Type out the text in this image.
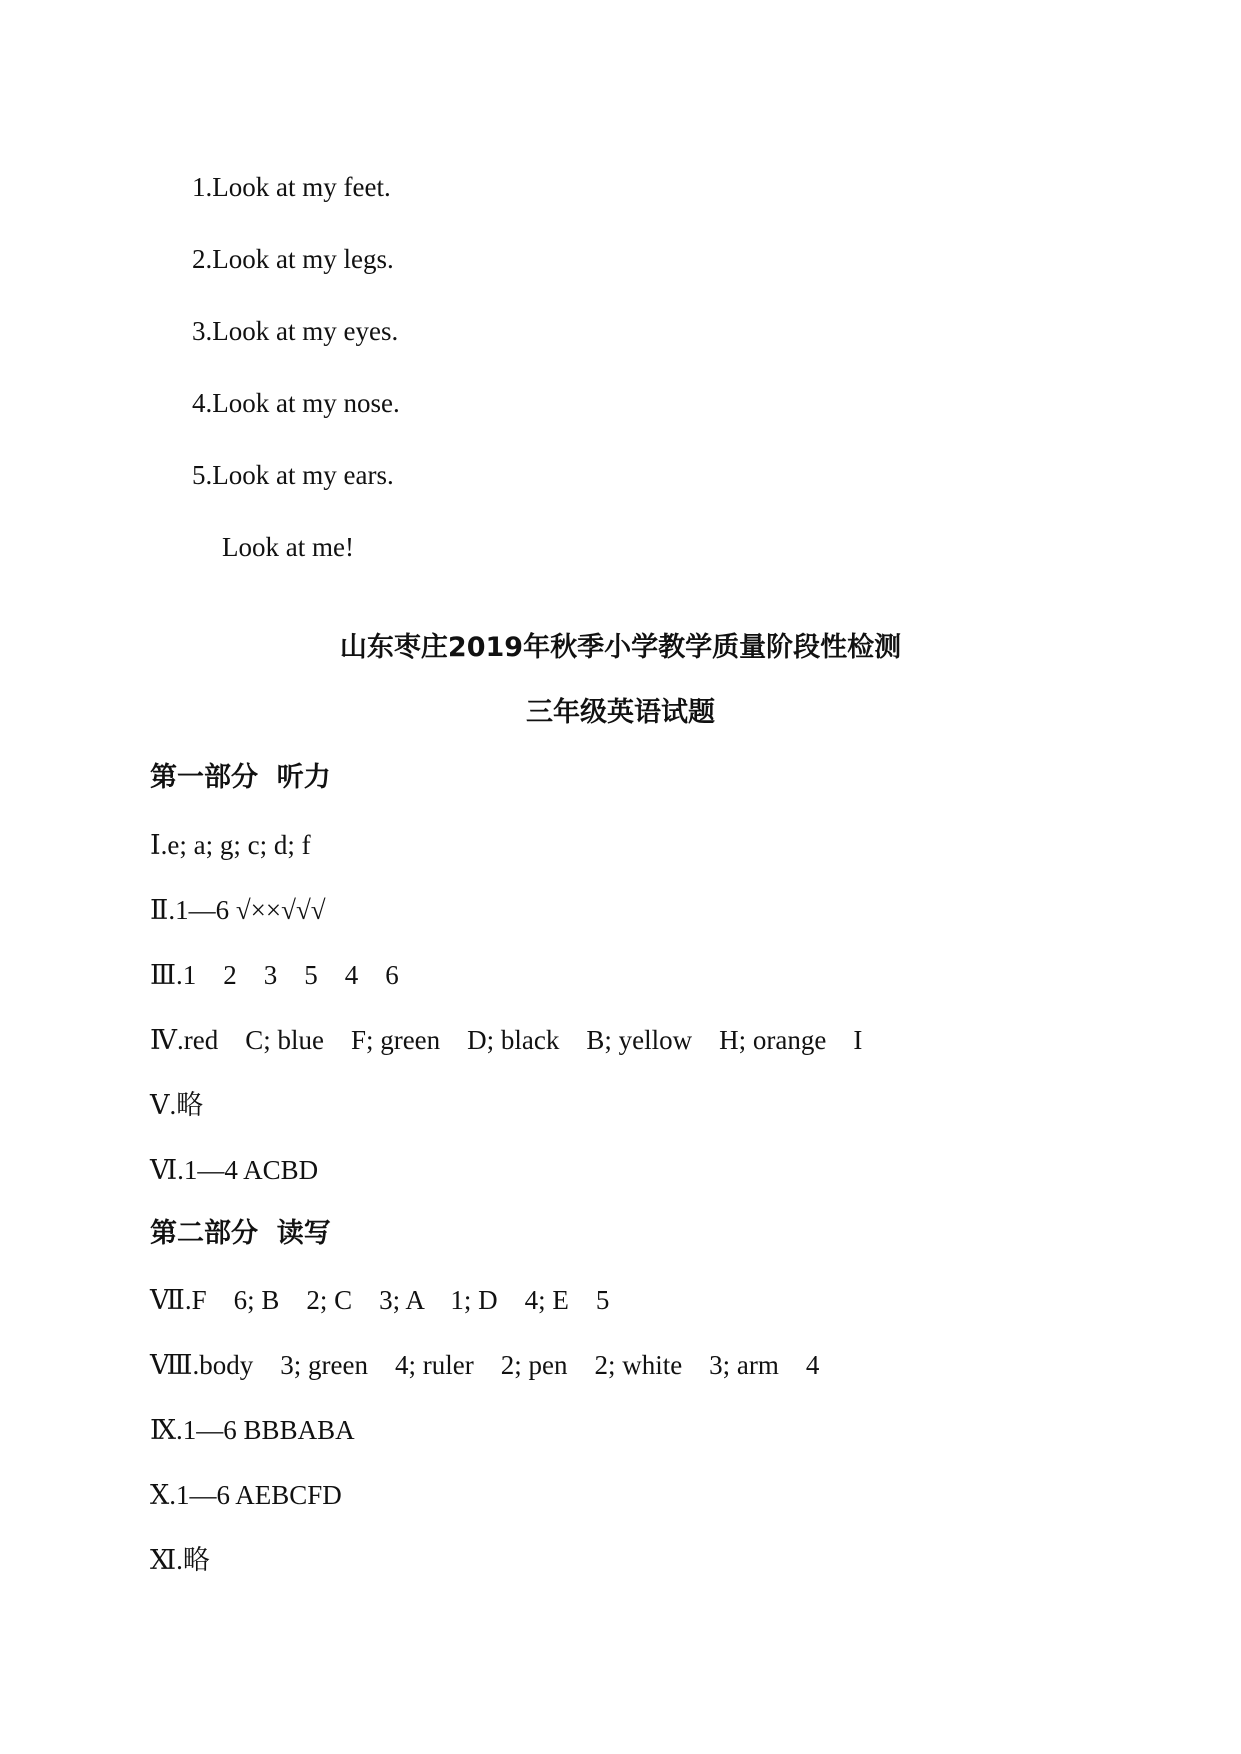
1.Look at my feet.
2.Look at my legs.
3.Look at my eyes.
4.Look at my nose.
5.Look at my ears.
Look at me!
山东枣庄2019年秋季小学教学质量阶段性检测
三年级英语试题
第一部分  听力
Ⅰ.e; a; g; c; d; f
Ⅱ.1—6 √××√√√
Ⅲ.1    2    3    5    4    6
Ⅳ.red    C; blue    F; green    D; black    B; yellow    H; orange    I
Ⅴ.略
Ⅵ.1—4 ACBD
第二部分  读写
Ⅶ.F    6; B    2; C    3; A    1; D    4; E    5
Ⅷ.body    3; green    4; ruler    2; pen    2; white    3; arm    4
Ⅸ.1—6 BBBABA
Ⅹ.1—6 AEBCFD
Ⅺ.略
